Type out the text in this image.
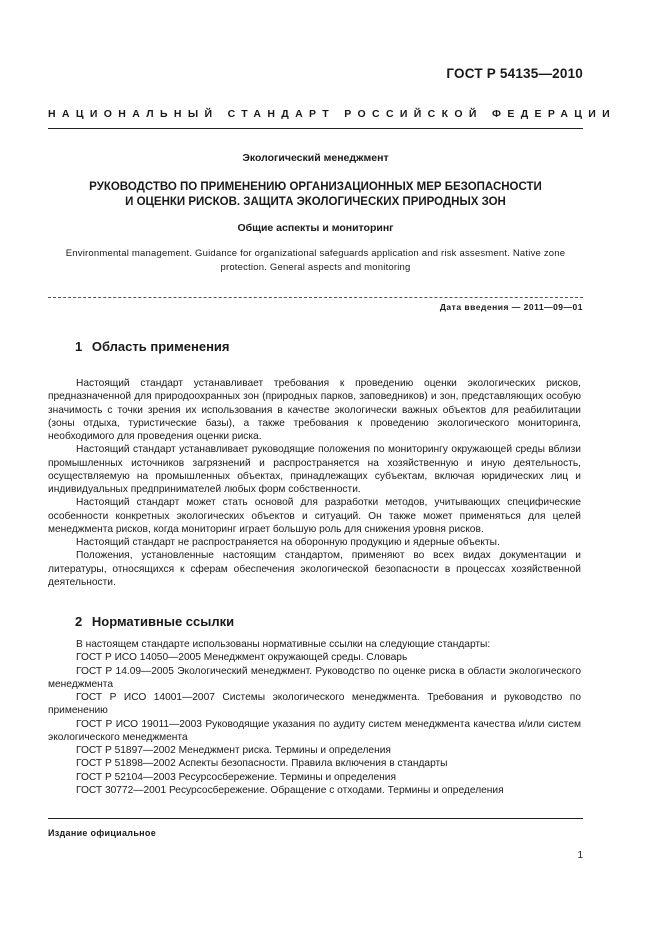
ГОСТ Р 54135—2010
НАЦИОНАЛЬНЫЙ СТАНДАРТ РОССИЙСКОЙ ФЕДЕРАЦИИ
Экологический менеджмент
РУКОВОДСТВО ПО ПРИМЕНЕНИЮ ОРГАНИЗАЦИОННЫХ МЕР БЕЗОПАСНОСТИ
И ОЦЕНКИ РИСКОВ. ЗАЩИТА ЭКОЛОГИЧЕСКИХ ПРИРОДНЫХ ЗОН
Общие аспекты и мониторинг
Environmental management. Guidance for organizational safeguards application and risk assesment. Native zone
protection. General aspects and monitoring
Дата введения — 2011—09—01
1 Область применения

Настоящий стандарт устанавливает требования к проведению оценки экологических рисков, предназначенной для природоохранных зон (природных парков, заповедников) и зон, представляющих особую значимость с точки зрения их использования в качестве экологически важных объектов для реабилитации (зоны отдыха, туристические базы), а также требования к проведению экологического мониторинга, необходимого для проведения оценки риска.

Настоящий стандарт устанавливает руководящие положения по мониторингу окружающей среды вблизи промышленных источников загрязнений и распространяется на хозяйственную и иную деятельность, осуществляемую на промышленных объектах, принадлежащих субъектам, включая юридических лиц и индивидуальных предпринимателей любых форм собственности.

Настоящий стандарт может стать основой для разработки методов, учитывающих специфические особенности конкретных экологических объектов и ситуаций. Он также может применяться для целей менеджмента рисков, когда мониторинг играет большую роль для снижения уровня рисков.

Настоящий стандарт не распространяется на оборонную продукцию и ядерные объекты.

Положения, установленные настоящим стандартом, применяют во всех видах документации и литературы, относящихся к сферам обеспечения экологической безопасности в процессах хозяйственной деятельности.

2 Нормативные ссылки

В настоящем стандарте использованы нормативные ссылки на следующие стандарты:

ГОСТ Р ИСО 14050—2005 Менеджмент окружающей среды. Словарь

ГОСТ Р 14.09—2005 Экологический менеджмент. Руководство по оценке риска в области экологического менеджмента

ГОСТ Р ИСО 14001—2007 Системы экологического менеджмента. Требования и руководство по применению

ГОСТ Р ИСО 19011—2003 Руководящие указания по аудиту систем менеджмента качества и/или систем экологического менеджмента

ГОСТ Р 51897—2002 Менеджмент риска. Термины и определения

ГОСТ Р 51898—2002 Аспекты безопасности. Правила включения в стандарты

ГОСТ Р 52104—2003 Ресурсосбережение. Термины и определения

ГОСТ 30772—2001 Ресурсосбережение. Обращение с отходами. Термины и определения

Издание официальное
1
